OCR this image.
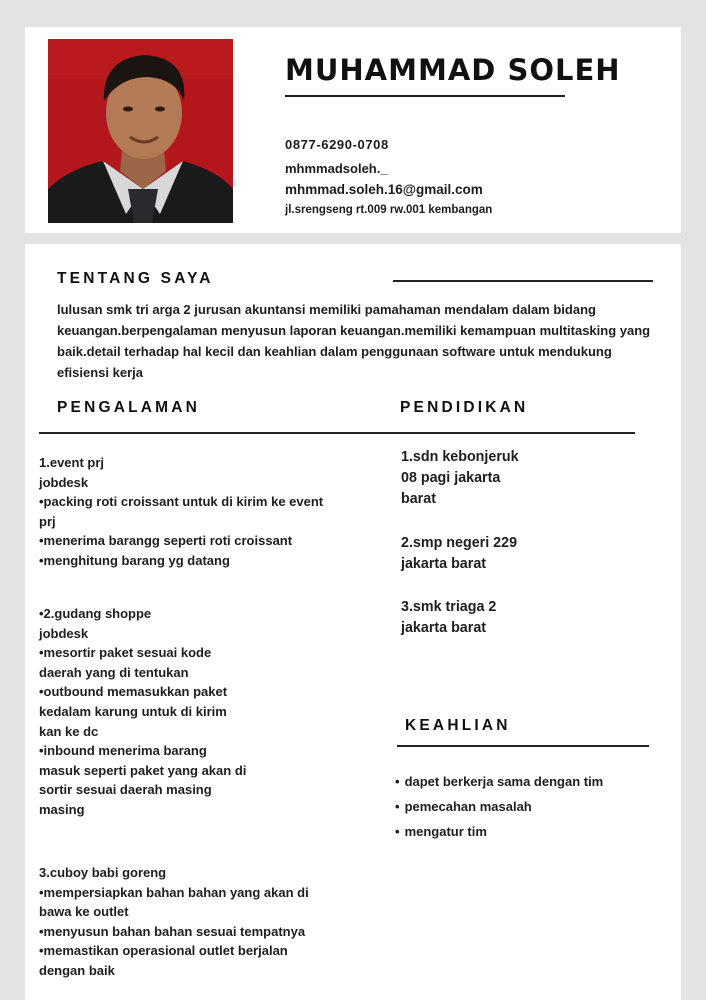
MUHAMMAD SOLEH
0877-6290-0708
mhmmadsoleh._
mhmmad.soleh.16@gmail.com
jl.srengseng rt.009 rw.001 kembangan
TENTANG SAYA

lulusan smk tri arga 2 jurusan akuntansi memiliki pamahaman mendalam dalam bidang keuangan.berpengalaman menyusun laporan keuangan.memiliki kemampuan multitasking yang baik.detail terhadap hal kecil dan keahlian dalam penggunaan software untuk mendukung efisiensi kerja

PENGALAMAN	PENDIDIKAN
1.event prj
jobdesk
•packing roti croissant untuk di kirim ke event
prj
•menerima barangg seperti roti croissant
•menghitung barang yg datang
•2.gudang shoppe
jobdesk
•mesortir paket sesuai kode
daerah yang di tentukan
•outbound memasukkan paket
kedalam karung untuk di kirim
kan ke dc
•inbound menerima barang
masuk seperti paket yang akan di
sortir sesuai daerah masing
masing
3.cuboy babi goreng
•mempersiapkan bahan bahan yang akan di
bawa ke outlet
•menyusun bahan bahan sesuai tempatnya
•memastikan operasional outlet berjalan
dengan baik
1.sdn kebonjeruk
08 pagi jakarta
barat
2.smp negeri 229
jakarta barat
3.smk triaga 2
jakarta barat
KEAHLIAN
• dapet berkerja sama dengan tim
• pemecahan masalah
• mengatur tim
